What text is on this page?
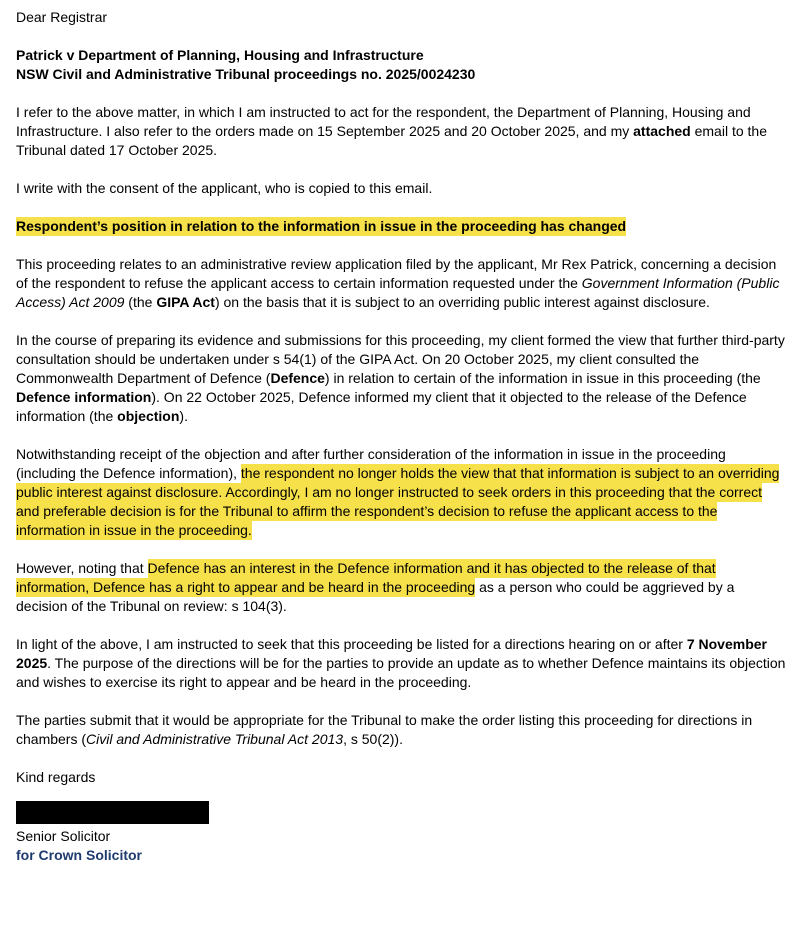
Dear Registrar

Patrick v Department of Planning, Housing and Infrastructure

NSW Civil and Administrative Tribunal proceedings no. 2025/0024230

I refer to the above matter, in which I am instructed to act for the respondent, the Department of Planning, Housing and Infrastructure. I also refer to the orders made on 15 September 2025 and 20 October 2025, and my attached email to the Tribunal dated 17 October 2025.

I write with the consent of the applicant, who is copied to this email.

Respondent’s position in relation to the information in issue in the proceeding has changed

This proceeding relates to an administrative review application filed by the applicant, Mr Rex Patrick, concerning a decision of the respondent to refuse the applicant access to certain information requested under the Government Information (Public Access) Act 2009 (the GIPA Act) on the basis that it is subject to an overriding public interest against disclosure.

In the course of preparing its evidence and submissions for this proceeding, my client formed the view that further third-party consultation should be undertaken under s 54(1) of the GIPA Act. On 20 October 2025, my client consulted the Commonwealth Department of Defence (Defence) in relation to certain of the information in issue in this proceeding (the Defence information). On 22 October 2025, Defence informed my client that it objected to the release of the Defence information (the objection).

Notwithstanding receipt of the objection and after further consideration of the information in issue in the proceeding (including the Defence information), the respondent no longer holds the view that that information is subject to an overriding public interest against disclosure. Accordingly, I am no longer instructed to seek orders in this proceeding that the correct and preferable decision is for the Tribunal to affirm the respondent’s decision to refuse the applicant access to the information in issue in the proceeding.

However, noting that Defence has an interest in the Defence information and it has objected to the release of that information, Defence has a right to appear and be heard in the proceeding as a person who could be aggrieved by a decision of the Tribunal on review: s 104(3).

In light of the above, I am instructed to seek that this proceeding be listed for a directions hearing on or after 7 November 2025. The purpose of the directions will be for the parties to provide an update as to whether Defence maintains its objection and wishes to exercise its right to appear and be heard in the proceeding.

The parties submit that it would be appropriate for the Tribunal to make the order listing this proceeding for directions in chambers (Civil and Administrative Tribunal Act 2013, s 50(2)).

Kind regards

Senior Solicitor

for Crown Solicitor
